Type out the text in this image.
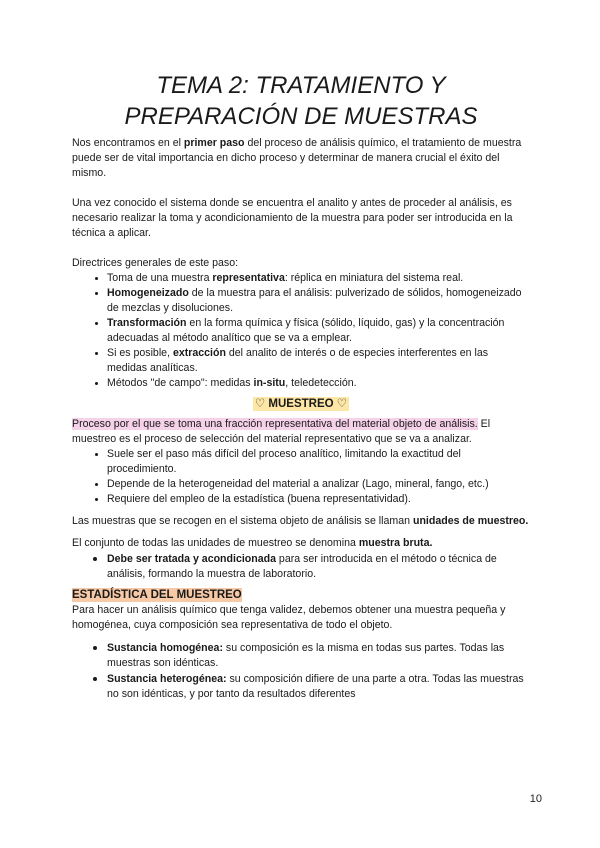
TEMA 2: TRATAMIENTO Y
PREPARACIÓN DE MUESTRAS

Nos encontramos en el primer paso del proceso de análisis químico, el tratamiento de muestra puede ser de vital importancia en dicho proceso y determinar de manera crucial el éxito del mismo.

Una vez conocido el sistema donde se encuentra el analito y antes de proceder al análisis, es necesario realizar la toma y acondicionamiento de la muestra para poder ser introducida en la técnica a aplicar.

Directrices generales de este paso:

• Toma de una muestra representativa: réplica en miniatura del sistema real.
• Homogeneizado de la muestra para el análisis: pulverizado de sólidos, homogeneizado de mezclas y disoluciones.
• Transformación en la forma química y física (sólido, líquido, gas) y la concentración adecuadas al método analítico que se va a emplear.
• Si es posible, extracción del analito de interés o de especies interferentes en las medidas analíticas.
• Métodos "de campo": medidas in-situ, teledetección.
♡ MUESTREO ♡

Proceso por el que se toma una fracción representativa del material objeto de análisis. El muestreo es el proceso de selección del material representativo que se va a analizar.

• Suele ser el paso más difícil del proceso analítico, limitando la exactitud del procedimiento.
• Depende de la heterogeneidad del material a analizar (Lago, mineral, fango, etc.)
• Requiere del empleo de la estadística (buena representatividad).

Las muestras que se recogen en el sistema objeto de análisis se llaman unidades de muestreo.

El conjunto de todas las unidades de muestreo se denomina muestra bruta.

• Debe ser tratada y acondicionada para ser introducida en el método o técnica de análisis, formando la muestra de laboratorio.
ESTADÍSTICA DEL MUESTREO

Para hacer un análisis químico que tenga validez, debemos obtener una muestra pequeña y homogénea, cuya composición sea representativa de todo el objeto.

• Sustancia homogénea: su composición es la misma en todas sus partes. Todas las muestras son idénticas.
• Sustancia heterogénea: su composición difiere de una parte a otra. Todas las muestras no son idénticas, y por tanto da resultados diferentes
10
